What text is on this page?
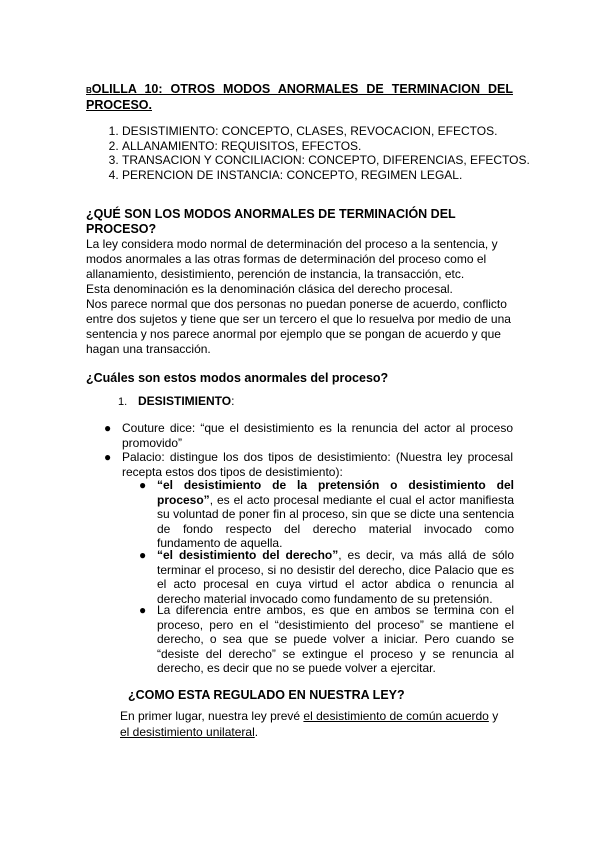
BOLILLA 10: OTROS MODOS ANORMALES DE TERMINACION DEL PROCESO.
1. DESISTIMIENTO: CONCEPTO, CLASES, REVOCACION, EFECTOS.
2. ALLANAMIENTO: REQUISITOS, EFECTOS.
3. TRANSACION Y CONCILIACION: CONCEPTO, DIFERENCIAS, EFECTOS.
4. PERENCION DE INSTANCIA: CONCEPTO, REGIMEN LEGAL.
¿QUÉ SON LOS MODOS ANORMALES DE TERMINACIÓN DEL PROCESO?
La ley considera modo normal de determinación del proceso a la sentencia, y modos anormales a las otras formas de determinación del proceso como el allanamiento, desistimiento, perención de instancia, la transacción, etc.
Esta denominación es la denominación clásica del derecho procesal.
Nos parece normal que dos personas no puedan ponerse de acuerdo, conflicto entre dos sujetos y tiene que ser un tercero el que lo resuelva por medio de una sentencia y nos parece anormal por ejemplo que se pongan de acuerdo y que hagan una transacción.
¿Cuáles son estos modos anormales del proceso?
1. DESISTIMIENTO:
● Couture dice: “que el desistimiento es la renuncia del actor al proceso promovido”
● Palacio: distingue los dos tipos de desistimiento: (Nuestra ley procesal recepta estos dos tipos de desistimiento):
● “el desistimiento de la pretensión o desistimiento del proceso”, es el acto procesal mediante el cual el actor manifiesta su voluntad de poner fin al proceso, sin que se dicte una sentencia de fondo respecto del derecho material invocado como fundamento de aquella.
● “el desistimiento del derecho”, es decir, va más allá de sólo terminar el proceso, si no desistir del derecho, dice Palacio que es el acto procesal en cuya virtud el actor abdica o renuncia al derecho material invocado como fundamento de su pretensión.
● La diferencia entre ambos, es que en ambos se termina con el proceso, pero en el “desistimiento del proceso” se mantiene el derecho, o sea que se puede volver a iniciar. Pero cuando se “desiste del derecho” se extingue el proceso y se renuncia al derecho, es decir que no se puede volver a ejercitar.
¿COMO ESTA REGULADO EN NUESTRA LEY?
En primer lugar, nuestra ley prevé el desistimiento de común acuerdo y
el desistimiento unilateral.
